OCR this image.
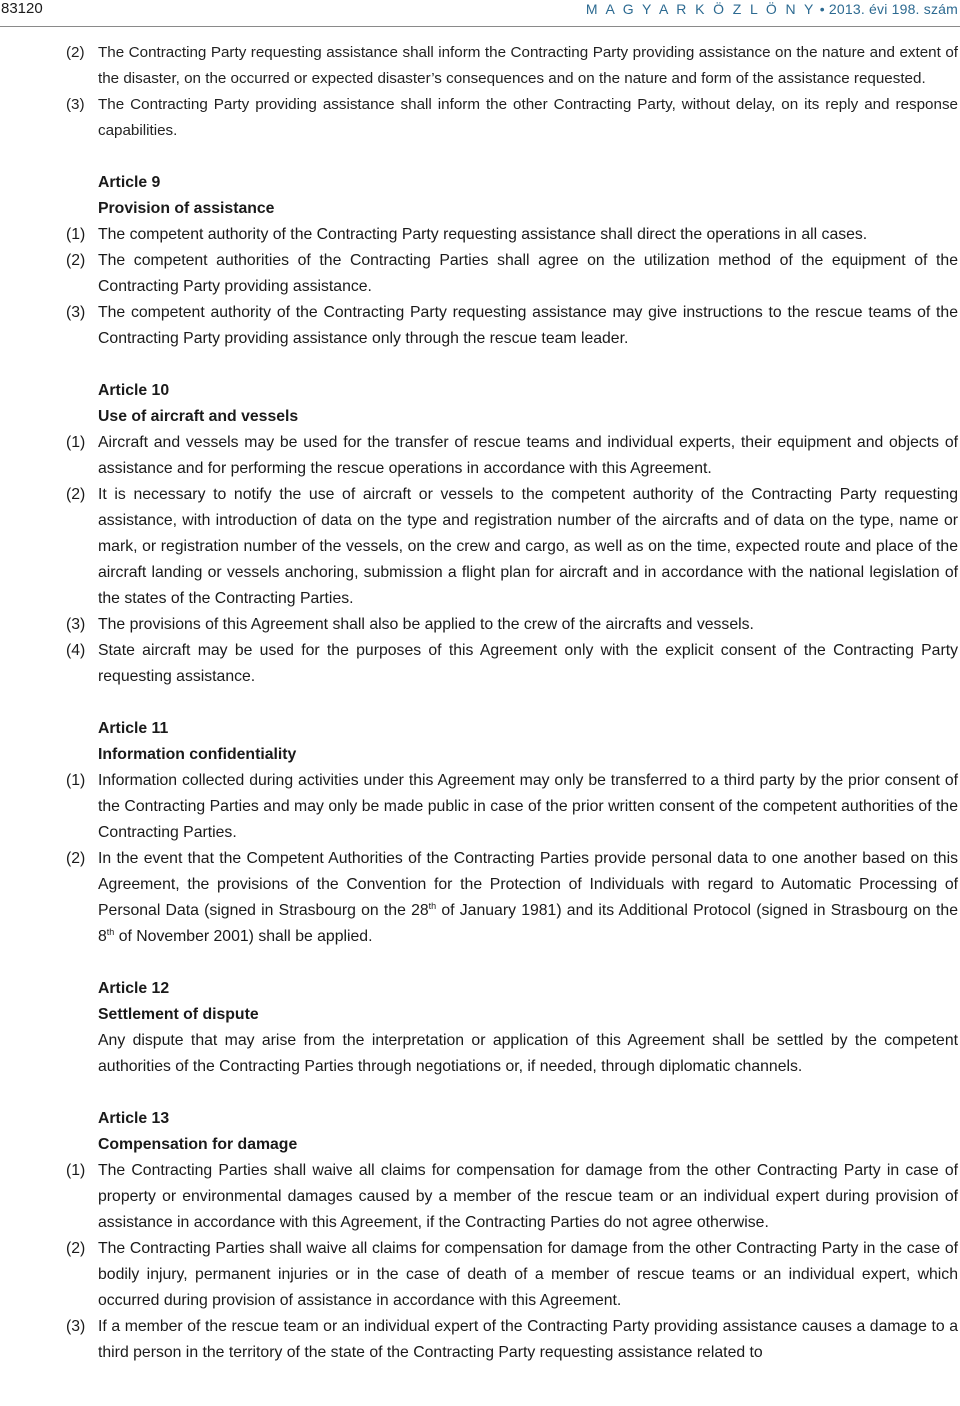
83120	M A G Y A R K Ö Z L Ö N Y • 2013. évi 198. szám
(2) The Contracting Party requesting assistance shall inform the Contracting Party providing assistance on the nature and extent of the disaster, on the occurred or expected disaster’s consequences and on the nature and form of the assistance requested.
(3) The Contracting Party providing assistance shall inform the other Contracting Party, without delay, on its reply and response capabilities.
Article 9
Provision of assistance
(1) The competent authority of the Contracting Party requesting assistance shall direct the operations in all cases.
(2) The competent authorities of the Contracting Parties shall agree on the utilization method of the equipment of the Contracting Party providing assistance.
(3) The competent authority of the Contracting Party requesting assistance may give instructions to the rescue teams of the Contracting Party providing assistance only through the rescue team leader.
Article 10
Use of aircraft and vessels
(1) Aircraft and vessels may be used for the transfer of rescue teams and individual experts, their equipment and objects of assistance and for performing the rescue operations in accordance with this Agreement.
(2) It is necessary to notify the use of aircraft or vessels to the competent authority of the Contracting Party requesting assistance, with introduction of data on the type and registration number of the aircrafts and of data on the type, name or mark, or registration number of the vessels, on the crew and cargo, as well as on the time, expected route and place of the aircraft landing or vessels anchoring, submission a flight plan for aircraft and in accordance with the national legislation of the states of the Contracting Parties.
(3) The provisions of this Agreement shall also be applied to the crew of the aircrafts and vessels.
(4) State aircraft may be used for the purposes of this Agreement only with the explicit consent of the Contracting Party requesting assistance.
Article 11
Information confidentiality
(1) Information collected during activities under this Agreement may only be transferred to a third party by the prior consent of the Contracting Parties and may only be made public in case of the prior written consent of the competent authorities of the Contracting Parties.
(2) In the event that the Competent Authorities of the Contracting Parties provide personal data to one another based on this Agreement, the provisions of the Convention for the Protection of Individuals with regard to Automatic Processing of Personal Data (signed in Strasbourg on the 28th of January 1981) and its Additional Protocol (signed in Strasbourg on the 8th of November 2001) shall be applied.
Article 12
Settlement of dispute
Any dispute that may arise from the interpretation or application of this Agreement shall be settled by the competent authorities of the Contracting Parties through negotiations or, if needed, through diplomatic channels.
Article 13
Compensation for damage
(1) The Contracting Parties shall waive all claims for compensation for damage from the other Contracting Party in case of property or environmental damages caused by a member of the rescue team or an individual expert during provision of assistance in accordance with this Agreement, if the Contracting Parties do not agree otherwise.
(2) The Contracting Parties shall waive all claims for compensation for damage from the other Contracting Party in the case of bodily injury, permanent injuries or in the case of death of a member of rescue teams or an individual expert, which occurred during provision of assistance in accordance with this Agreement.
(3) If a member of the rescue team or an individual expert of the Contracting Party providing assistance causes a damage to a third person in the territory of the state of the Contracting Party requesting assistance related to
